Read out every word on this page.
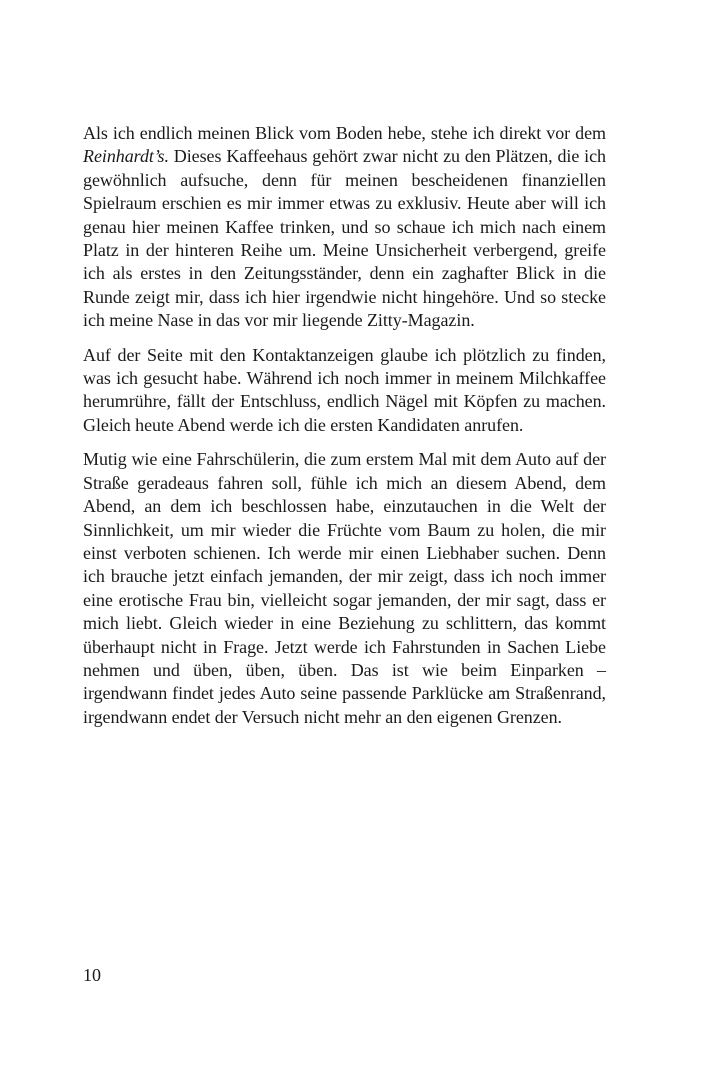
Als ich endlich meinen Blick vom Boden hebe, stehe ich direkt vor dem Reinhardt’s. Dieses Kaffeehaus gehört zwar nicht zu den Plätzen, die ich gewöhnlich aufsuche, denn für meinen bescheidenen finanziellen Spielraum erschien es mir immer etwas zu exklusiv. Heute aber will ich genau hier meinen Kaffee trinken, und so schaue ich mich nach einem Platz in der hinteren Reihe um. Meine Unsicherheit verbergend, greife ich als erstes in den Zeitungsständer, denn ein zaghafter Blick in die Runde zeigt mir, dass ich hier irgendwie nicht hingehöre. Und so stecke ich meine Nase in das vor mir liegende Zitty-Magazin.

Auf der Seite mit den Kontaktanzeigen glaube ich plötzlich zu finden, was ich gesucht habe. Während ich noch immer in meinem Milchkaffee herumrühre, fällt der Entschluss, endlich Nägel mit Köpfen zu machen. Gleich heute Abend werde ich die ersten Kandidaten anrufen.

Mutig wie eine Fahrschülerin, die zum erstem Mal mit dem Auto auf der Straße geradeaus fahren soll, fühle ich mich an diesem Abend, dem Abend, an dem ich beschlossen habe, einzutauchen in die Welt der Sinnlichkeit, um mir wieder die Früchte vom Baum zu holen, die mir einst verboten schienen. Ich werde mir einen Liebhaber suchen. Denn ich brauche jetzt einfach jemanden, der mir zeigt, dass ich noch immer eine erotische Frau bin, vielleicht sogar jemanden, der mir sagt, dass er mich liebt. Gleich wieder in eine Beziehung zu schlittern, das kommt überhaupt nicht in Frage. Jetzt werde ich Fahrstunden in Sachen Liebe nehmen und üben, üben, üben. Das ist wie beim Einparken – irgendwann findet jedes Auto seine passende Parklücke am Straßenrand, irgendwann endet der Versuch nicht mehr an den eigenen Grenzen.

10
